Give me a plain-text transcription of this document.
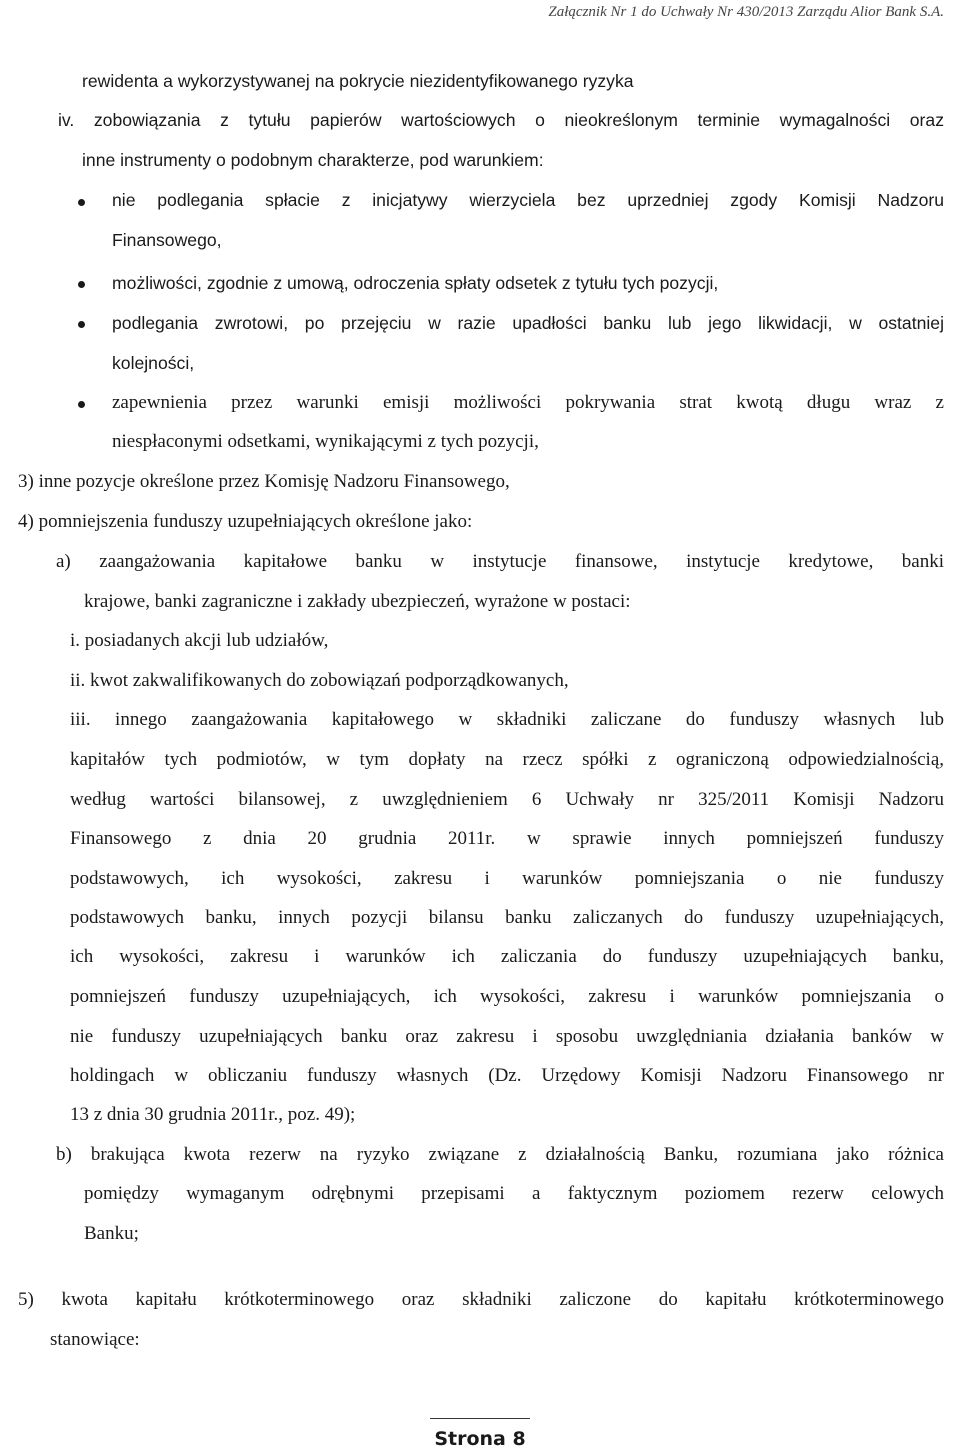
Załącznik Nr 1 do Uchwały Nr 430/2013 Zarządu Alior Bank S.A.
rewidenta a wykorzystywanej na pokrycie niezidentyfikowanego ryzyka
iv. zobowiązania z tytułu papierów wartościowych o nieokreślonym terminie wymagalności oraz
inne instrumenty o podobnym charakterze, pod warunkiem:
nie podlegania spłacie z inicjatywy wierzyciela bez uprzedniej zgody Komisji Nadzoru
Finansowego,
możliwości, zgodnie z umową, odroczenia spłaty odsetek z tytułu tych pozycji,
podlegania zwrotowi, po przejęciu w razie upadłości banku lub jego likwidacji, w ostatniej
kolejności,
zapewnienia przez warunki emisji możliwości pokrywania strat kwotą długu wraz z
niespłaconymi odsetkami, wynikającymi z tych pozycji,
3) inne pozycje określone przez Komisję Nadzoru Finansowego,
4) pomniejszenia funduszy uzupełniających określone jako:
a) zaangażowania kapitałowe banku w instytucje finansowe, instytucje kredytowe, banki
krajowe, banki zagraniczne i zakłady ubezpieczeń, wyrażone w postaci:
i. posiadanych akcji lub udziałów,
ii. kwot zakwalifikowanych do zobowiązań podporządkowanych,
iii. innego zaangażowania kapitałowego w składniki zaliczane do funduszy własnych lub
kapitałów tych podmiotów, w tym dopłaty na rzecz spółki z ograniczoną odpowiedzialnością,
według wartości bilansowej, z uwzględnieniem 6 Uchwały nr 325/2011 Komisji Nadzoru
Finansowego z dnia 20 grudnia 2011r. w sprawie innych pomniejszeń funduszy
podstawowych, ich wysokości, zakresu i warunków pomniejszania o nie funduszy
podstawowych banku, innych pozycji bilansu banku zaliczanych do funduszy uzupełniających,
ich wysokości, zakresu i warunków ich zaliczania do funduszy uzupełniających banku,
pomniejszeń funduszy uzupełniających, ich wysokości, zakresu i warunków pomniejszania o
nie funduszy uzupełniających banku oraz zakresu i sposobu uwzględniania działania banków w
holdingach w obliczaniu funduszy własnych (Dz. Urzędowy Komisji Nadzoru Finansowego nr
13 z dnia 30 grudnia 2011r., poz. 49);
b) brakująca kwota rezerw na ryzyko związane z działalnością Banku, rozumiana jako różnica
pomiędzy wymaganym odrębnymi przepisami a faktycznym poziomem rezerw celowych
Banku;
5) kwota kapitału krótkoterminowego oraz składniki zaliczone do kapitału krótkoterminowego
stanowiące:
Strona 8
